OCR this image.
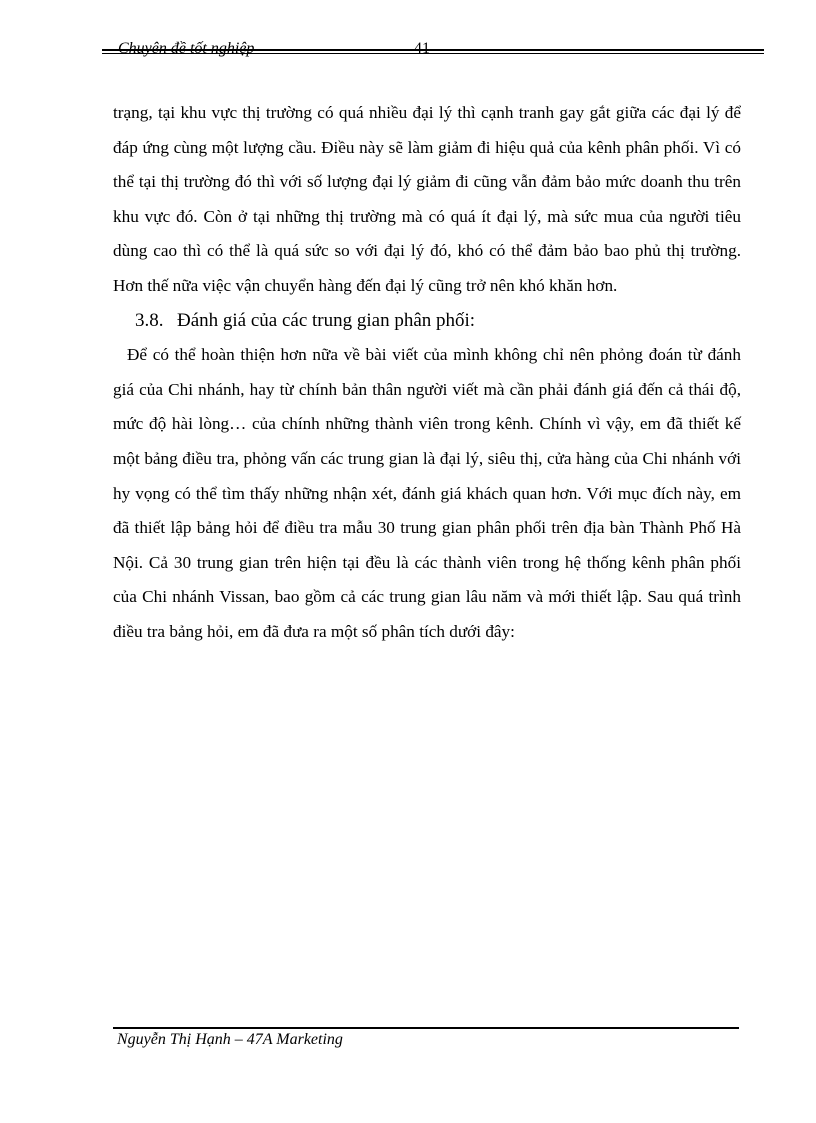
trạng, tại khu vực thị trường có quá nhiều đại lý thì cạnh tranh gay gắt giữa các đại lý để đáp ứng cùng một lượng cầu. Điều này sẽ làm giảm đi hiệu quả của kênh phân phối. Vì có thể tại thị trường đó thì với số lượng đại lý giảm đi cũng vẫn đảm bảo mức doanh thu trên khu vực đó. Còn ở tại những thị trường mà có quá ít đại lý, mà sức mua của người tiêu dùng cao thì có thể là quá sức so với đại lý đó, khó có thể đảm bảo bao phủ thị trường. Hơn thế nữa việc vận chuyển hàng đến đại lý cũng trở nên khó khăn hơn.

3.8. Đánh giá của các trung gian phân phối:

Để có thể hoàn thiện hơn nữa về bài viết của mình không chỉ nên phỏng đoán từ đánh giá của Chi nhánh, hay từ chính bản thân người viết mà cần phải đánh giá đến cả thái độ, mức độ hài lòng… của chính những thành viên trong kênh. Chính vì vậy, em đã thiết kế một bảng điều tra, phỏng vấn các trung gian là đại lý, siêu thị, cửa hàng của Chi nhánh với hy vọng có thể tìm thấy những nhận xét, đánh giá khách quan hơn. Với mục đích này, em đã thiết lập bảng hỏi để điều tra mẫu 30 trung gian phân phối trên địa bàn Thành Phố Hà Nội. Cả 30 trung gian trên hiện tại đều là các thành viên trong hệ thống kênh phân phối của Chi nhánh Vissan, bao gồm cả các trung gian lâu năm và mới thiết lập. Sau quá trình điều tra bảng hỏi, em đã đưa ra một số phân tích dưới đây:

Nguyễn Thị Hạnh – 47A Marketing
